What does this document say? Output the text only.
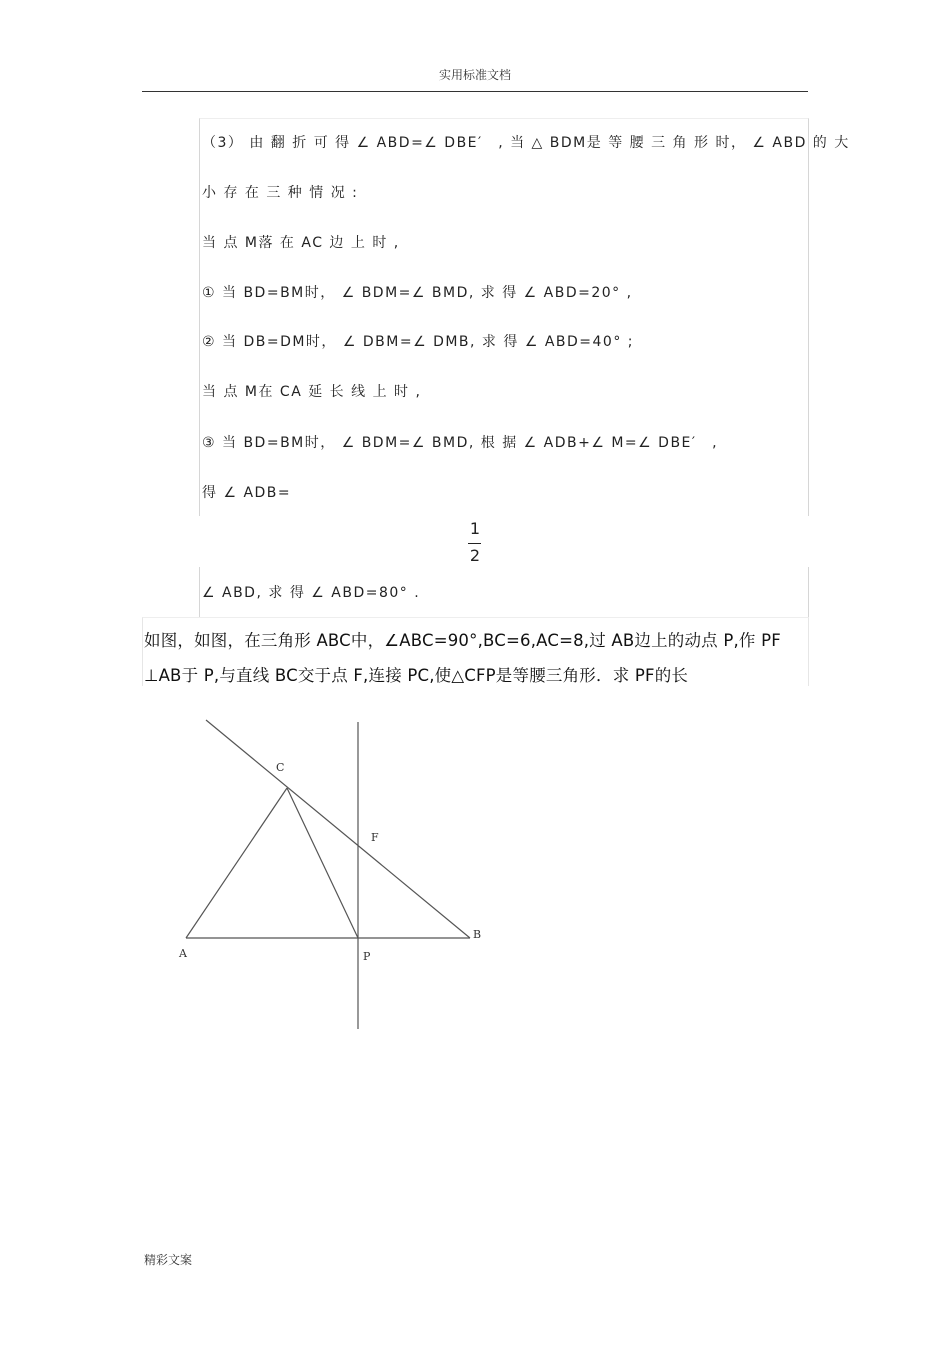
实用标准文档
（3） 由 翻 折 可 得 ∠ ABD=∠ DBE′　, 当 △ BDM是 等 腰 三 角 形 时， ∠ ABD 的 大
小 存 在 三 种 情 况 :
当 点 M落 在 AC 边 上 时 ,
① 当 BD=BM时， ∠ BDM=∠ BMD, 求 得 ∠ ABD=20° ,
② 当 DB=DM时， ∠ DBM=∠ DMB, 求 得 ∠ ABD=40° ;
当 点 M在 CA 延 长 线 上 时 ,
③ 当 BD=BM时， ∠ BDM=∠ BMD, 根 据 ∠ ADB+∠ M=∠ DBE′　,
得 ∠ ADB=
1
2
∠ ABD, 求 得 ∠ ABD=80° .
如图，如图，在三角形 ABC中，∠ABC=90°,BC=6,AC=8,过 AB边上的动点 P,作 PF
⊥AB于 P,与直线 BC交于点 F,连接 PC,使△CFP是等腰三角形．求 PF的长
C
F
A
B
P
精彩文案
